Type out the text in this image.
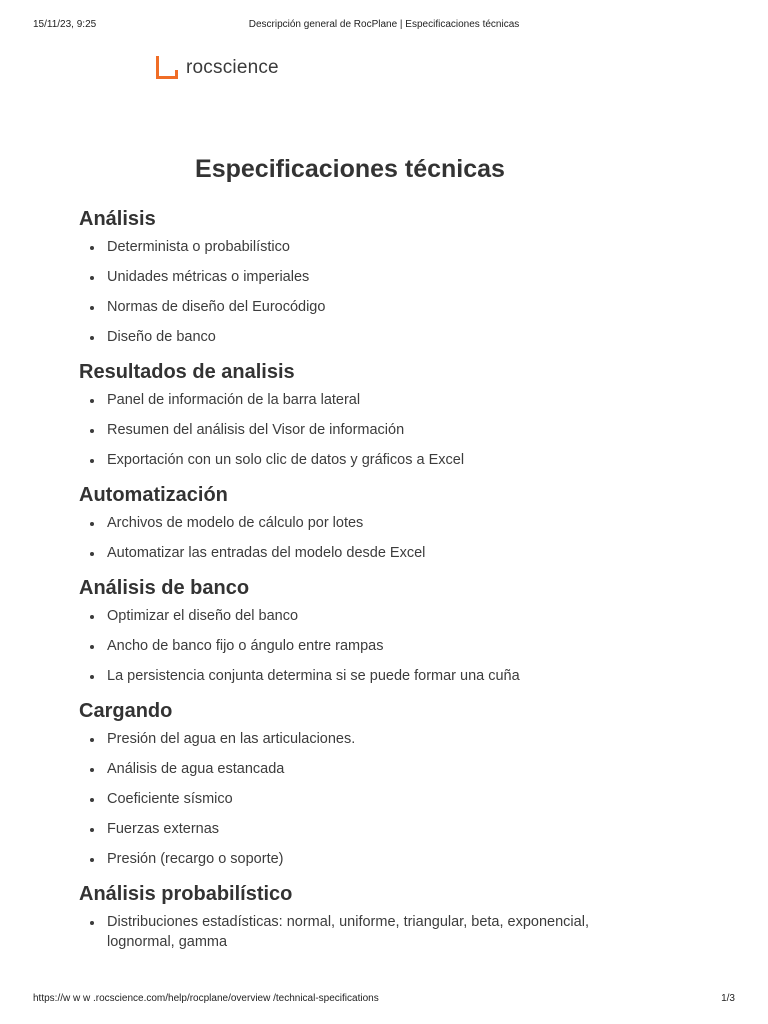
15/11/23, 9:25	Descripción general de RocPlane | Especificaciones técnicas
rocscience
Especificaciones técnicas
Análisis
Determinista o probabilístico
Unidades métricas o imperiales
Normas de diseño del Eurocódigo
Diseño de banco
Resultados de analisis
Panel de información de la barra lateral
Resumen del análisis del Visor de información
Exportación con un solo clic de datos y gráficos a Excel
Automatización
Archivos de modelo de cálculo por lotes
Automatizar las entradas del modelo desde Excel
Análisis de banco
Optimizar el diseño del banco
Ancho de banco fijo o ángulo entre rampas
La persistencia conjunta determina si se puede formar una cuña
Cargando
Presión del agua en las articulaciones.
Análisis de agua estancada
Coeficiente sísmico
Fuerzas externas
Presión (recargo o soporte)
Análisis probabilístico
Distribuciones estadísticas: normal, uniforme, triangular, beta, exponencial, lognormal, gamma
https://w w w .rocscience.com/help/rocplane/overview /technical-specifications	1/3
